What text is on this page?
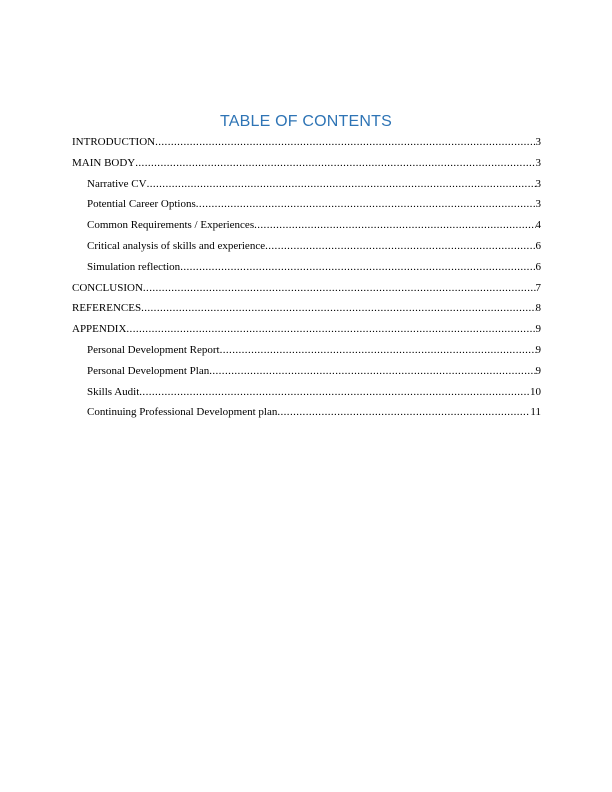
TABLE OF CONTENTS
INTRODUCTION .....	3
MAIN BODY .....	3
Narrative CV .....	3
Potential Career Options .....	3
Common Requirements / Experiences .....	4
Critical analysis of skills and experience .....	6
Simulation reflection .....	6
CONCLUSION .....	7
REFERENCES .....	8
APPENDIX .....	9
Personal Development Report .....	9
Personal Development Plan .....	9
Skills Audit .....	10
Continuing Professional Development plan .....	11
